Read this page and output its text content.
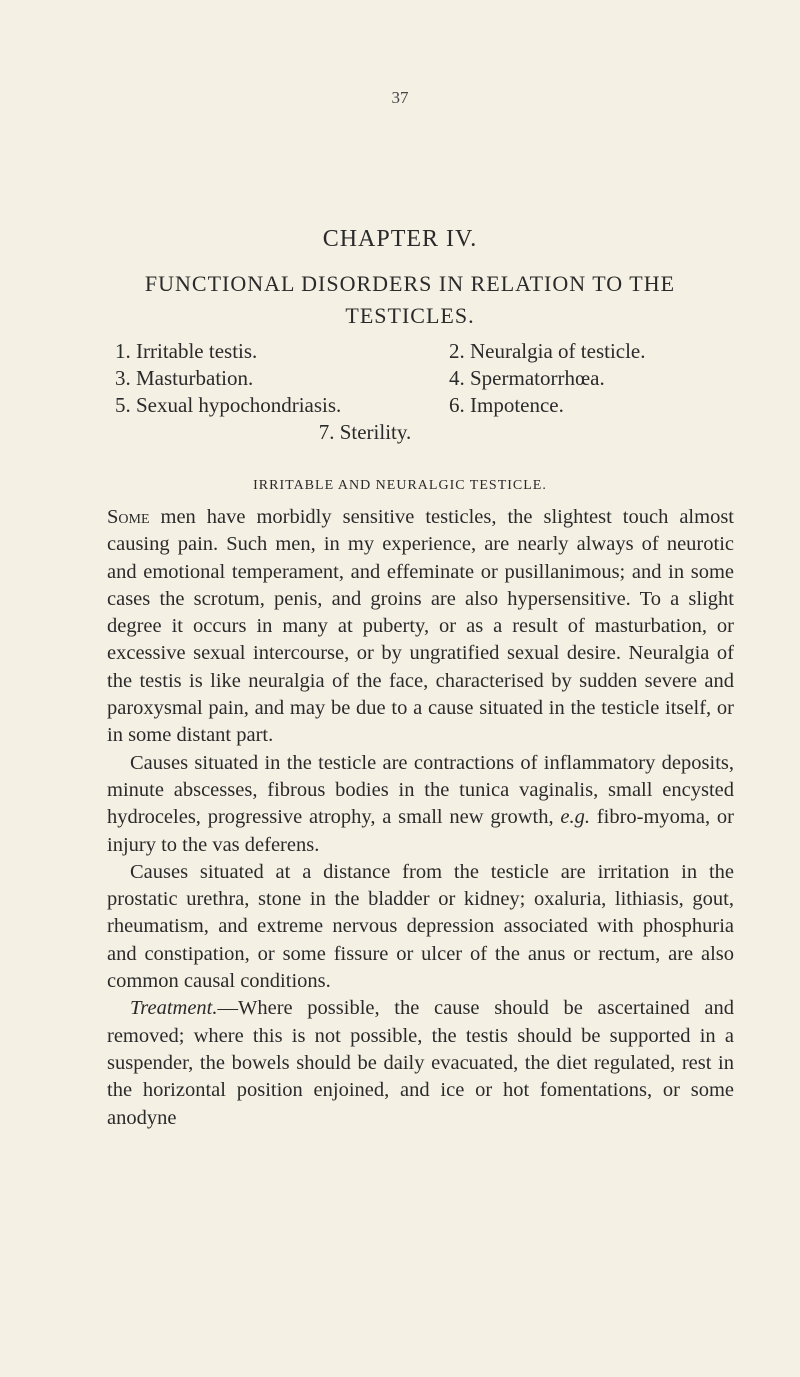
37
CHAPTER IV.
FUNCTIONAL DISORDERS IN RELATION TO THE TESTICLES.
1. Irritable testis.	2. Neuralgia of testicle.
3. Masturbation.	4. Spermatorrhœa.
5. Sexual hypochondriasis.	6. Impotence.
7. Sterility.
IRRITABLE AND NEURALGIC TESTICLE.

Some men have morbidly sensitive testicles, the slightest touch almost causing pain. Such men, in my experience, are nearly always of neurotic and emotional temperament, and effeminate or pusillanimous; and in some cases the scrotum, penis, and groins are also hypersensitive. To a slight degree it occurs in many at puberty, or as a result of masturbation, or excessive sexual intercourse, or by ungratified sexual desire. Neuralgia of the testis is like neuralgia of the face, characterised by sudden severe and paroxysmal pain, and may be due to a cause situated in the testicle itself, or in some distant part.

Causes situated in the testicle are contractions of inflammatory deposits, minute abscesses, fibrous bodies in the tunica vaginalis, small encysted hydroceles, progressive atrophy, a small new growth, e.g. fibro-myoma, or injury to the vas deferens.

Causes situated at a distance from the testicle are irritation in the prostatic urethra, stone in the bladder or kidney; oxaluria, lithiasis, gout, rheumatism, and extreme nervous depression associated with phosphuria and constipation, or some fissure or ulcer of the anus or rectum, are also common causal conditions.

Treatment.—Where possible, the cause should be ascertained and removed; where this is not possible, the testis should be supported in a suspender, the bowels should be daily evacuated, the diet regulated, rest in the horizontal position enjoined, and ice or hot fomentations, or some anodyne
